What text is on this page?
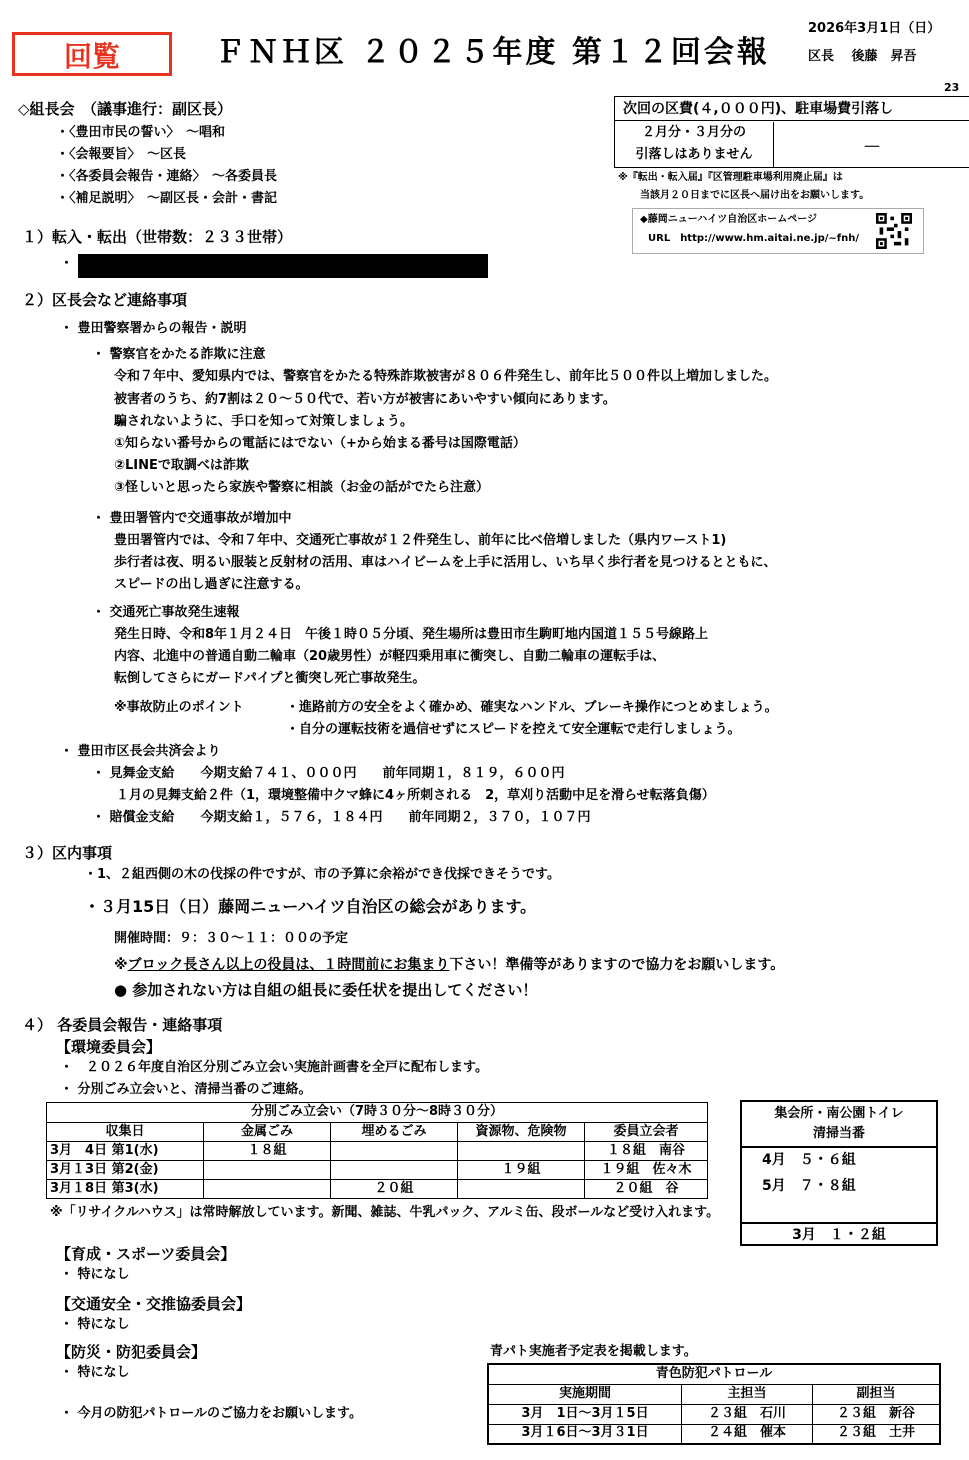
回覧	ＦＮＨ区 ２０２５年度 第１２回会報
2026年3月1日（日）
区長　 後藤　昇吾
23
次回の区費(４,０００円)、駐車場費引落し
２月分・３月分の
引落しはありません
＿
※『転出・転入届』『区管理駐車場利用廃止届』は
当該月２０日までに区長へ届け出をお願いします。
◆藤岡ニューハイツ自治区ホームページ
URL　http://www.hm.aitai.ne.jp/~fnh/
◇組長会　（議事進行：副区長）
・〈豊田市民の誓い〉　～唱和
・〈会報要旨〉　～区長
・〈各委員会報告・連絡〉　～各委員長
・〈補足説明〉　～副区長・会計・書記
１）転入・転出（世帯数：２３３世帯）
・
２）区長会など連絡事項
・ 豊田警察署からの報告・説明
・ 警察官をかたる詐欺に注意
令和７年中、愛知県内では、警察官をかたる特殊詐欺被害が８０６件発生し、前年比５００件以上増加しました。
被害者のうち、約7割は２０～５０代で、若い方が被害にあいやすい傾向にあります。
騙されないように、手口を知って対策しましょう。
①知らない番号からの電話にはでない（+から始まる番号は国際電話）
②LINEで取調べは詐欺
③怪しいと思ったら家族や警察に相談（お金の話がでたら注意）
・ 豊田署管内で交通事故が増加中
豊田署管内では、令和７年中、交通死亡事故が１２件発生し、前年に比べ倍増しました（県内ワースト1)
歩行者は夜、明るい服装と反射材の活用、車はハイビームを上手に活用し、いち早く歩行者を見つけるとともに、
スピードの出し過ぎに注意する。
・ 交通死亡事故発生速報
発生日時、令和8年１月２４日　午後１時０５分頃、発生場所は豊田市生駒町地内国道１５５号線路上
内容、北進中の普通自動二輪車（20歳男性）が軽四乗用車に衝突し、自動二輪車の運転手は、
転倒してさらにガードパイプと衝突し死亡事故発生。
※事故防止のポイント	・進路前方の安全をよく確かめ、確実なハンドル、ブレーキ操作につとめましょう。
・自分の運転技術を過信せずにスピードを控えて安全運転で走行しましょう。
・ 豊田市区長会共済会より
・ 見舞金支給　　今期支給７４１、０００円　　前年同期１，８１９，６００円
１月の見舞支給２件（1，環境整備中クマ蜂に4ヶ所刺される　2，草刈り活動中足を滑らせ転落負傷）
・ 賠償金支給　　今期支給１，５７６，１８４円　　前年同期２，３７０，１０７円
３）区内事項
・1、２組西側の木の伐採の件ですが、市の予算に余裕ができ伐採できそうです。
・３月15日（日）藤岡ニューハイツ自治区の総会があります。
開催時間：９：３０～１１：００の予定
※ブロック長さん以上の役員は、１時間前にお集まり下さい！準備等がありますので協力をお願いします。
● 参加されない方は自組の組長に委任状を提出してください！
４） 各委員会報告・連絡事項
【環境委員会】
・　２０２６年度自治区分別ごみ立会い実施計画書を全戸に配布します。
・ 分別ごみ立会いと、清掃当番のご連絡。
分別ごみ立会い（7時３０分～8時３０分）				
収集日	金属ごみ	埋めるごみ	資源物、危険物	委員立会者
3月　4日 第1(水)	１８組			１８組　南谷
3月１3日 第2(金)			１９組	１９組　佐々木
3月１8日 第3(水)		２０組		２０組　谷
集会所・南公園トイレ
清掃当番
4月　５・６組
5月　７・８組
3月　１・２組
※「リサイクルハウス」は常時解放しています。新聞、雑誌、牛乳パック、アルミ缶、段ボールなど受け入れます。
【育成・スポーツ委員会】
・ 特になし
【交通安全・交推協委員会】
・ 特になし
【防災・防犯委員会】
・ 特になし
・ 今月の防犯パトロールのご協力をお願いします。
青パト実施者予定表を掲載します。
青色防犯パトロール		
実施期間	主担当	副担当
3月　1日～3月１5日	２３組　石川	２３組　新谷
3月１6日～3月３1日	２４組　催本	２３組　土井
